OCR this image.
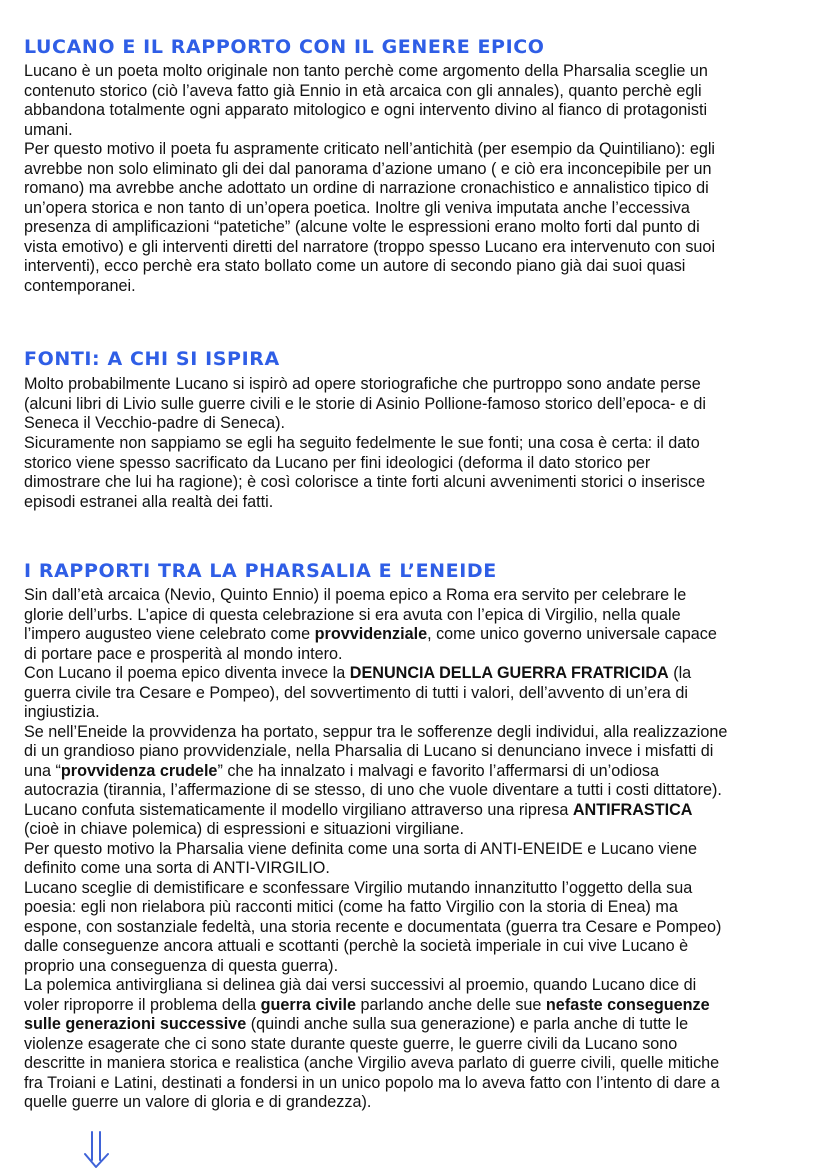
LUCANO E IL RAPPORTO CON IL GENERE EPICO
Lucano è un poeta molto originale non tanto perchè come argomento della Pharsalia sceglie un
contenuto storico (ciò l’aveva fatto già Ennio in età arcaica con gli annales), quanto perchè egli
abbandona totalmente ogni apparato mitologico e ogni intervento divino al fianco di protagonisti
umani.
Per questo motivo il poeta fu aspramente criticato nell’antichità (per esempio da Quintiliano): egli
avrebbe non solo eliminato gli dei dal panorama d’azione umano ( e ciò era inconcepibile per un
romano) ma avrebbe anche adottato un ordine di narrazione cronachistico e annalistico tipico di
un’opera storica e non tanto di un’opera poetica. Inoltre gli veniva imputata anche l’eccessiva
presenza di amplificazioni “patetiche” (alcune volte le espressioni erano molto forti dal punto di
vista emotivo) e gli interventi diretti del narratore (troppo spesso Lucano era intervenuto con suoi
interventi), ecco perchè era stato bollato come un autore di secondo piano già dai suoi quasi
contemporanei.
FONTI: A CHI SI ISPIRA
Molto probabilmente Lucano si ispirò ad opere storiografiche che purtroppo sono andate perse
(alcuni libri di Livio sulle guerre civili e le storie di Asinio Pollione-famoso storico dell’epoca- e di
Seneca il Vecchio-padre di Seneca).
Sicuramente non sappiamo se egli ha seguito fedelmente le sue fonti; una cosa è certa: il dato
storico viene spesso sacrificato da Lucano per fini ideologici (deforma il dato storico per
dimostrare che lui ha ragione); è così colorisce a tinte forti alcuni avvenimenti storici o inserisce
episodi estranei alla realtà dei fatti.
I RAPPORTI TRA LA PHARSALIA E L’ENEIDE
Sin dall’età arcaica (Nevio, Quinto Ennio) il poema epico a Roma era servito per celebrare le
glorie dell’urbs. L’apice di questa celebrazione si era avuta con l’epica di Virgilio, nella quale
l’impero augusteo viene celebrato come provvidenziale, come unico governo universale capace
di portare pace e prosperità al mondo intero.
Con Lucano il poema epico diventa invece la DENUNCIA DELLA GUERRA FRATRICIDA (la
guerra civile tra Cesare e Pompeo), del sovvertimento di tutti i valori, dell’avvento di un’era di
ingiustizia.
Se nell’Eneide la provvidenza ha portato, seppur tra le sofferenze degli individui, alla realizzazione
di un grandioso piano provvidenziale, nella Pharsalia di Lucano si denunciano invece i misfatti di
una “provvidenza crudele” che ha innalzato i malvagi e favorito l’affermarsi di un’odiosa
autocrazia (tirannia, l’affermazione di se stesso, di uno che vuole diventare a tutti i costi dittatore).
Lucano confuta sistematicamente il modello virgiliano attraverso una ripresa ANTIFRASTICA
(cioè in chiave polemica) di espressioni e situazioni virgiliane.
Per questo motivo la Pharsalia viene definita come una sorta di ANTI-ENEIDE e Lucano viene
definito come una sorta di ANTI-VIRGILIO.
Lucano sceglie di demistificare e sconfessare Virgilio mutando innanzitutto l’oggetto della sua
poesia: egli non rielabora più racconti mitici (come ha fatto Virgilio con la storia di Enea) ma
espone, con sostanziale fedeltà, una storia recente e documentata (guerra tra Cesare e Pompeo)
dalle conseguenze ancora attuali e scottanti (perchè la società imperiale in cui vive Lucano è
proprio una conseguenza di questa guerra).
La polemica antivirgliana si delinea già dai versi successivi al proemio, quando Lucano dice di
voler riproporre il problema della guerra civile parlando anche delle sue nefaste conseguenze
sulle generazioni successive (quindi anche sulla sua generazione) e parla anche di tutte le
violenze esagerate che ci sono state durante queste guerre, le guerre civili da Lucano sono
descritte in maniera storica e realistica (anche Virgilio aveva parlato di guerre civili, quelle mitiche
fra Troiani e Latini, destinati a fondersi in un unico popolo ma lo aveva fatto con l’intento di dare a
quelle guerre un valore di gloria e di grandezza).
